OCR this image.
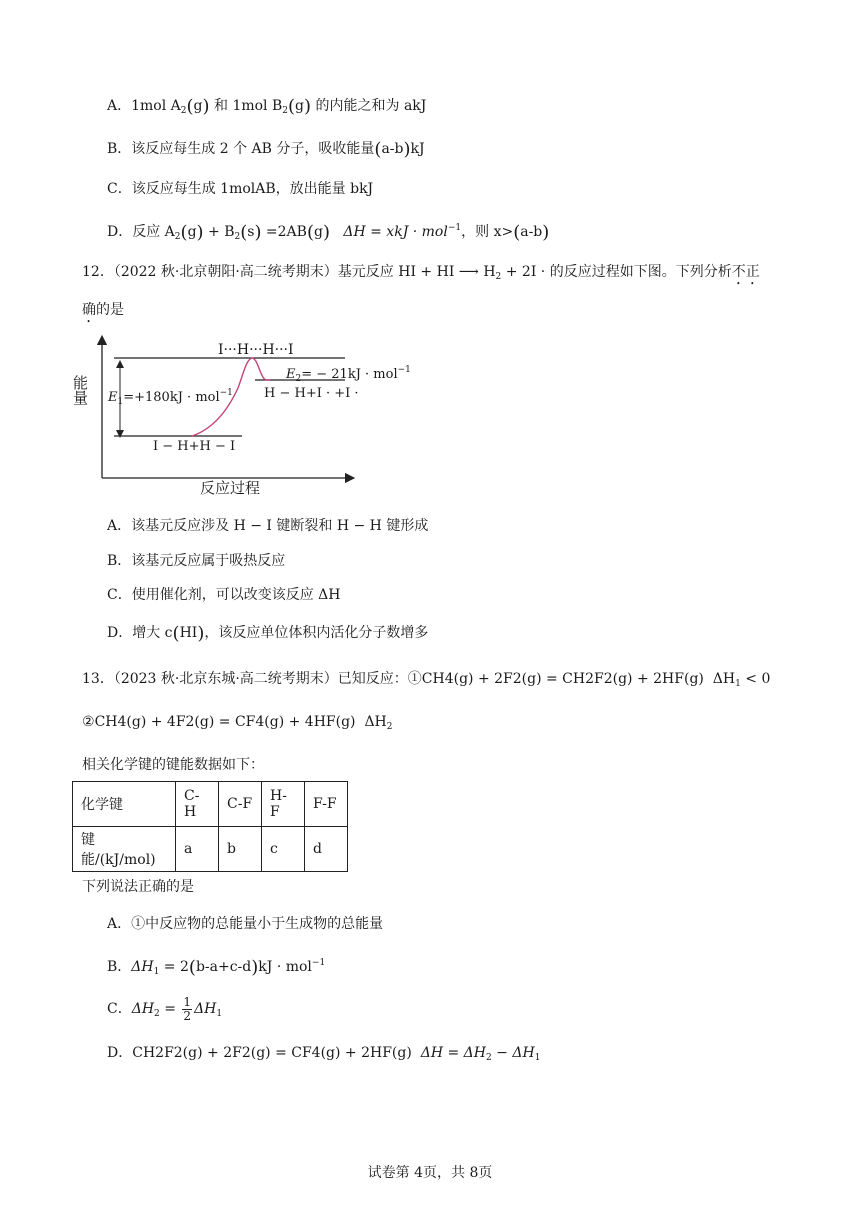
A．1mol $A_2(g)$ 和 1mol $B_2(g)$ 的内能之和为 akJ
B．该反应每生成 2 个 AB 分子，吸收能量(a-b)kJ
C．该反应每生成 1molAB，放出能量 bkJ
D．反应 $A_2(g) + B_2(s) =2AB(g) \Delta H$ = xkJ · mol$^{-1}$，则 x>(a-b)
12．（2022 秋·北京朝阳·高二统考期末）基元反应 HI + HI ⟶ $H_2 + 2I$ · 的反应过程如下图。下列分析不正
确的是
能量
反应过程
I···H···H···I
$E_1=+180kJ \cdot mol^{-1}$
$E_2= - 21kJ \cdot mol^{-1}$
I − H+H − I
H − H+I · +I ·
A．该基元反应涉及 H − I 键断裂和 H − H 键形成
B．该基元反应属于吸热反应
C．使用催化剂，可以改变该反应 ΔH
D．增大 c(HI)，该反应单位体积内活化分子数增多
13．（2023 秋·北京东城·高二统考期末）已知反应：①CH4(g) + 2F2(g) = CH2F2(g) + 2HF(g) $\Delta H_1 < 0$
②CH4(g) + 4F2(g) = CF4(g) + 4HF(g) $\Delta H_2$
相关化学键的键能数据如下：
化学键	C-H	C-F	H-F	F-F
键能/(kJ/mol)	a	b	c	d
下列说法正确的是
A．①中反应物的总能量小于生成物的总能量
B．$\Delta H_1 = 2(b-a+c-d)kJ \cdot mol^{-1}$
C．$\Delta H_2 = \frac{1}{2} \Delta H_1$
D．CH2F2(g) + 2F2(g) = CF4(g) + 2HF(g) $\Delta H = \Delta H_2 - \Delta H_1$
试卷第 4页，共 8页
